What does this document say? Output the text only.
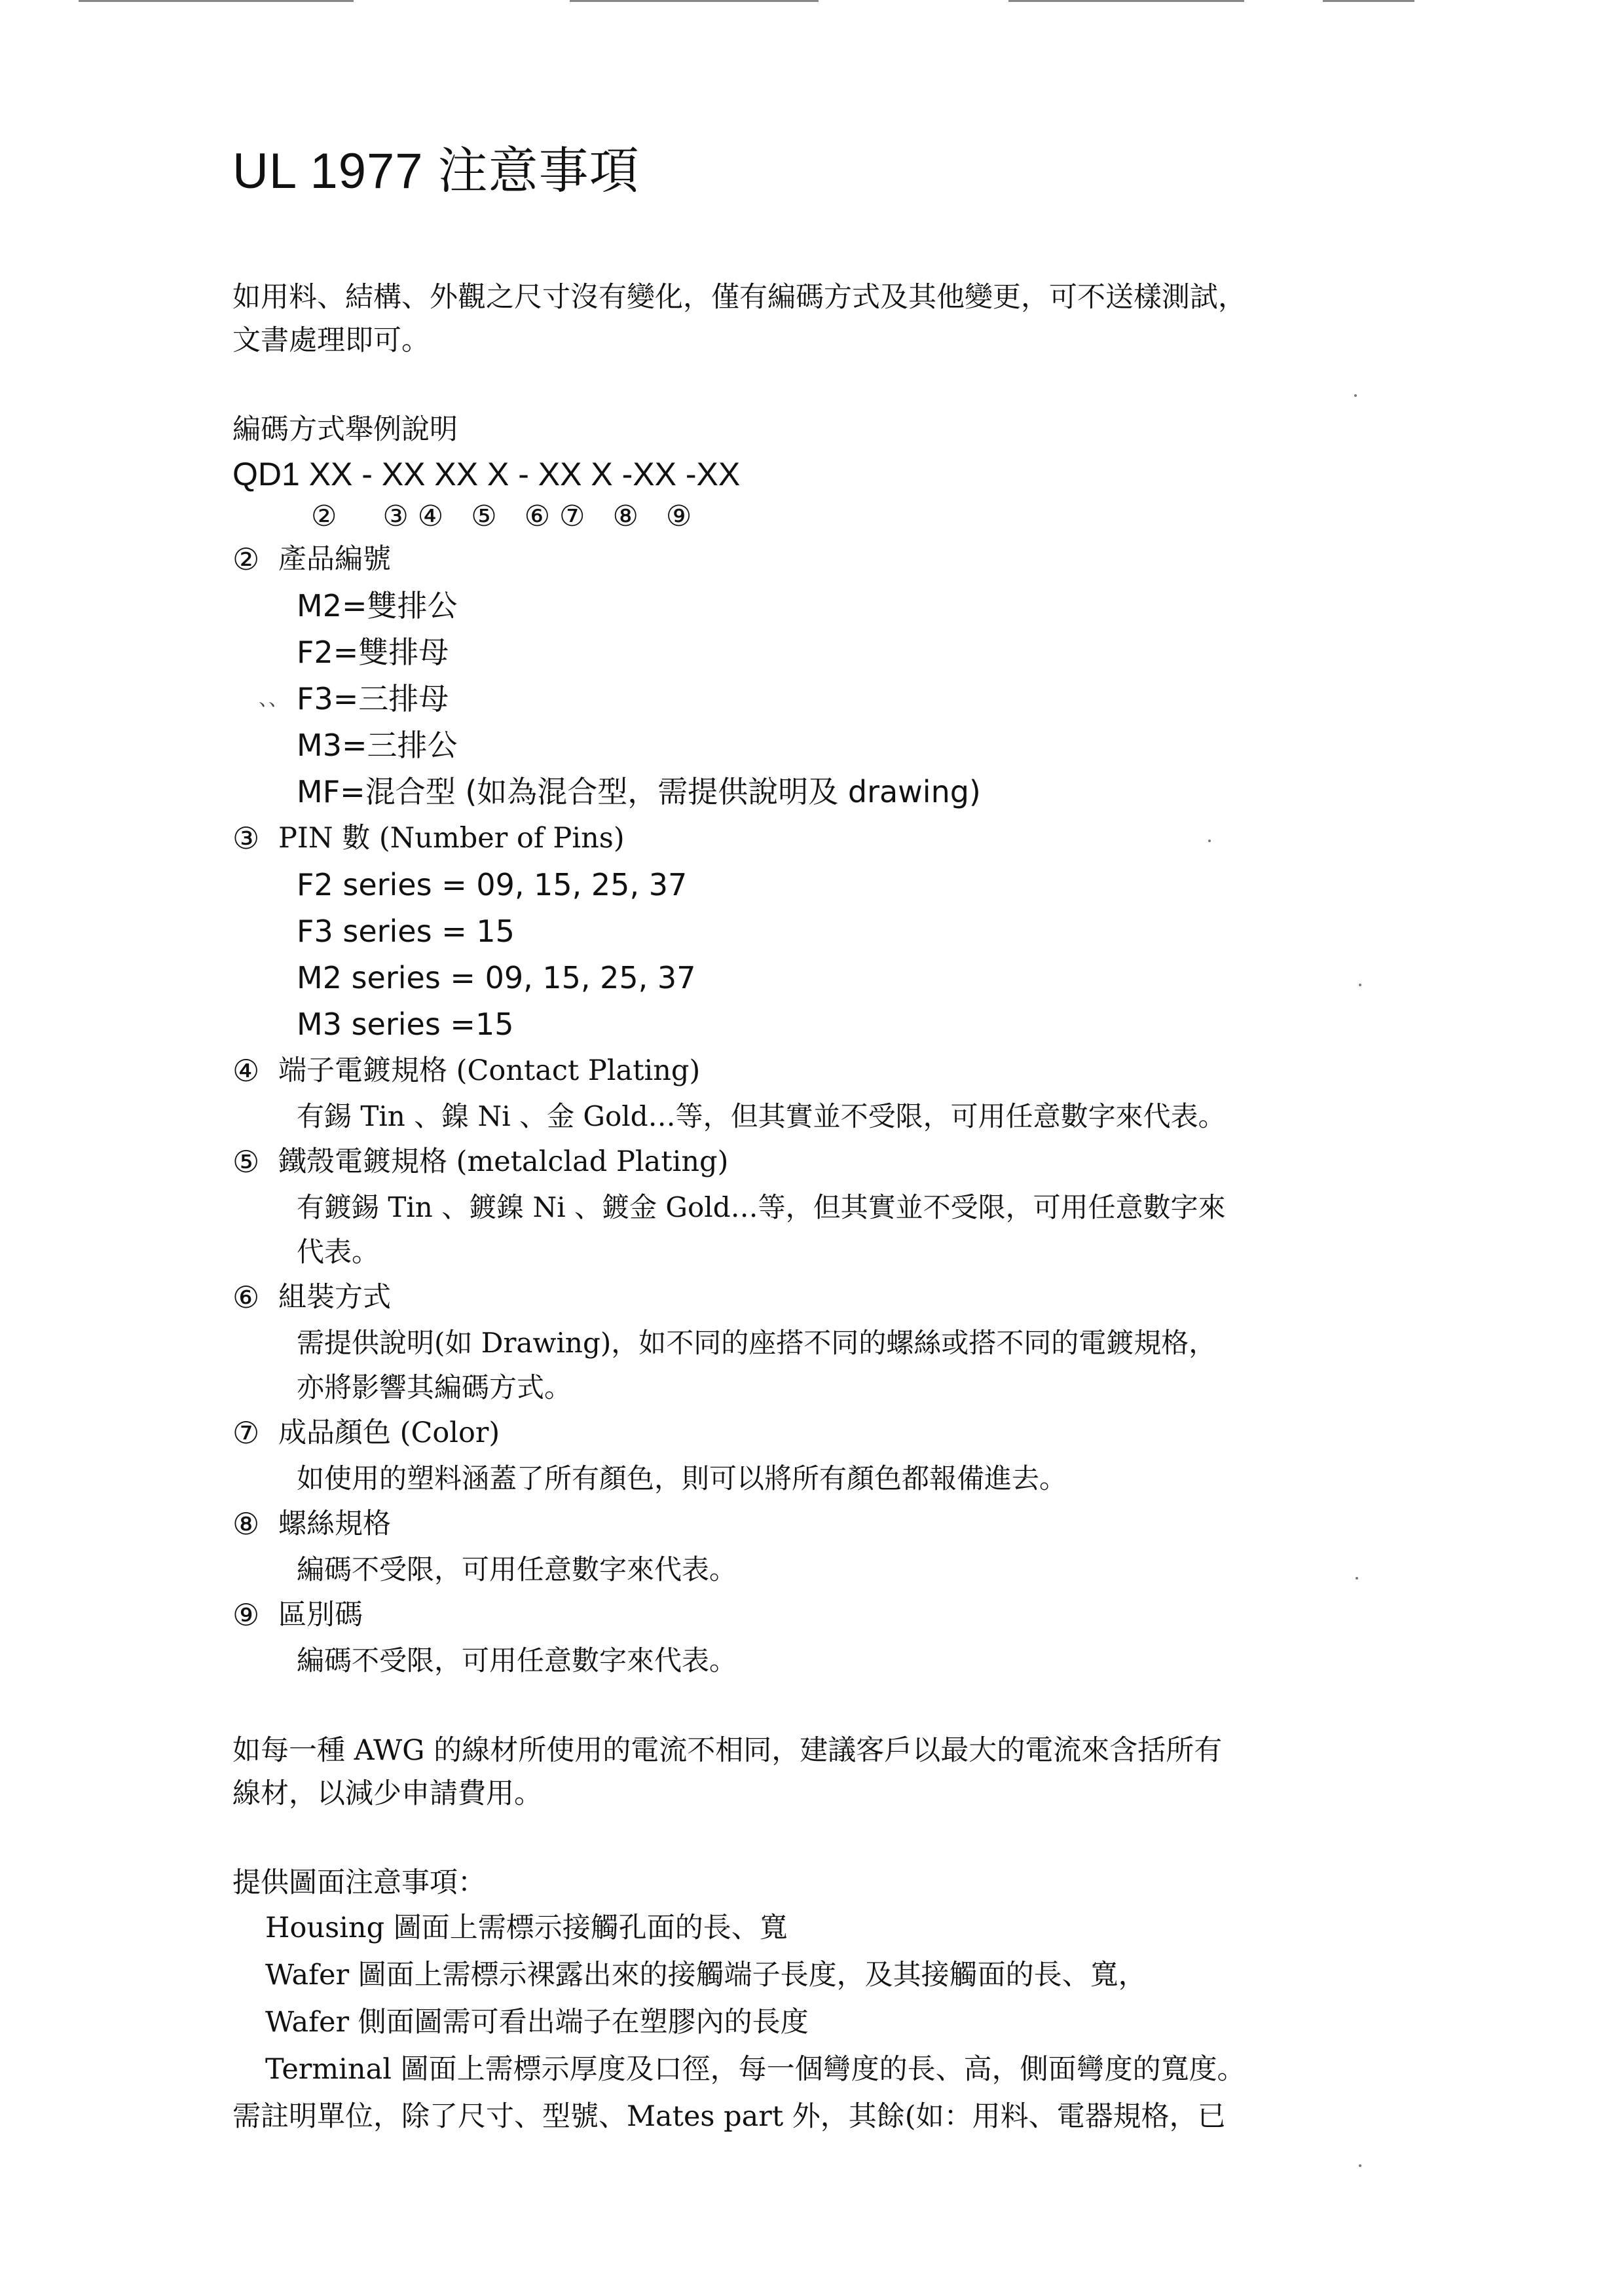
UL 1977 注意事項

如用料、結構、外觀之尺寸沒有變化，僅有編碼方式及其他變更，可不送樣測試，

文書處理即可。

編碼方式舉例說明

QD1 XX - XX XX X - XX X -XX -XX

②     ③ ④   ⑤   ⑥ ⑦   ⑧   ⑨

② 產品編號

M2=雙排公

F2=雙排母

、、 F3=三排母

M3=三排公

MF=混合型 (如為混合型，需提供說明及 drawing)

③ PIN 數 (Number of Pins)

F2 series = 09, 15, 25, 37

F3 series = 15

M2 series = 09, 15, 25, 37

M3 series =15

④ 端子電鍍規格 (Contact Plating)

有錫 Tin 、鎳 Ni 、金 Gold…等，但其實並不受限，可用任意數字來代表。

⑤ 鐵殼電鍍規格 (metalclad Plating)

有鍍錫 Tin 、鍍鎳 Ni 、鍍金 Gold…等，但其實並不受限，可用任意數字來

代表。

⑥ 組裝方式

需提供說明(如 Drawing)，如不同的座搭不同的螺絲或搭不同的電鍍規格，

亦將影響其編碼方式。

⑦ 成品顏色 (Color)

如使用的塑料涵蓋了所有顏色，則可以將所有顏色都報備進去。

⑧ 螺絲規格

編碼不受限，可用任意數字來代表。

⑨ 區別碼

編碼不受限，可用任意數字來代表。

如每一種 AWG 的線材所使用的電流不相同，建議客戶以最大的電流來含括所有

線材，以減少申請費用。

提供圖面注意事項：

Housing 圖面上需標示接觸孔面的長、寬

Wafer 圖面上需標示裸露出來的接觸端子長度，及其接觸面的長、寬，

Wafer 側面圖需可看出端子在塑膠內的長度

Terminal 圖面上需標示厚度及口徑，每一個彎度的長、高，側面彎度的寬度。

需註明單位，除了尺寸、型號、Mates part 外，其餘(如：用料、電器規格，已
